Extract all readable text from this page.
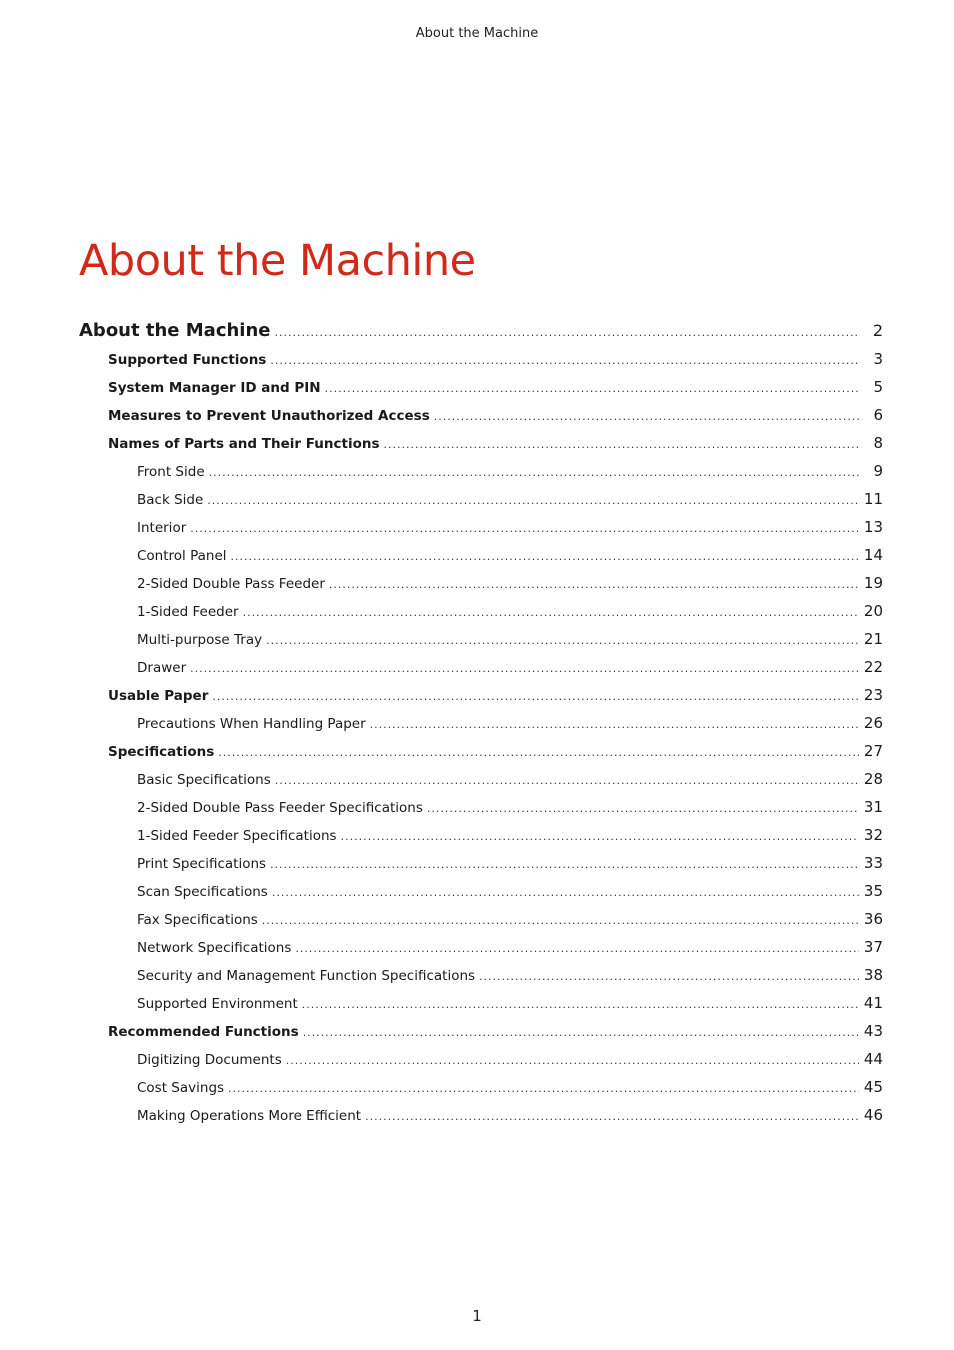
About the Machine
About the Machine
About the Machine .....	2
Supported Functions .....	3
System Manager ID and PIN .....	5
Measures to Prevent Unauthorized Access .....	6
Names of Parts and Their Functions .....	8
Front Side .....	9
Back Side .....	11
Interior .....	13
Control Panel .....	14
2-Sided Double Pass Feeder .....	19
1-Sided Feeder .....	20
Multi-purpose Tray .....	21
Drawer .....	22
Usable Paper .....	23
Precautions When Handling Paper .....	26
Specifications .....	27
Basic Specifications .....	28
2-Sided Double Pass Feeder Specifications .....	31
1-Sided Feeder Specifications .....	32
Print Specifications .....	33
Scan Specifications .....	35
Fax Specifications .....	36
Network Specifications .....	37
Security and Management Function Specifications .....	38
Supported Environment .....	41
Recommended Functions .....	43
Digitizing Documents .....	44
Cost Savings .....	45
Making Operations More Efficient .....	46
1
